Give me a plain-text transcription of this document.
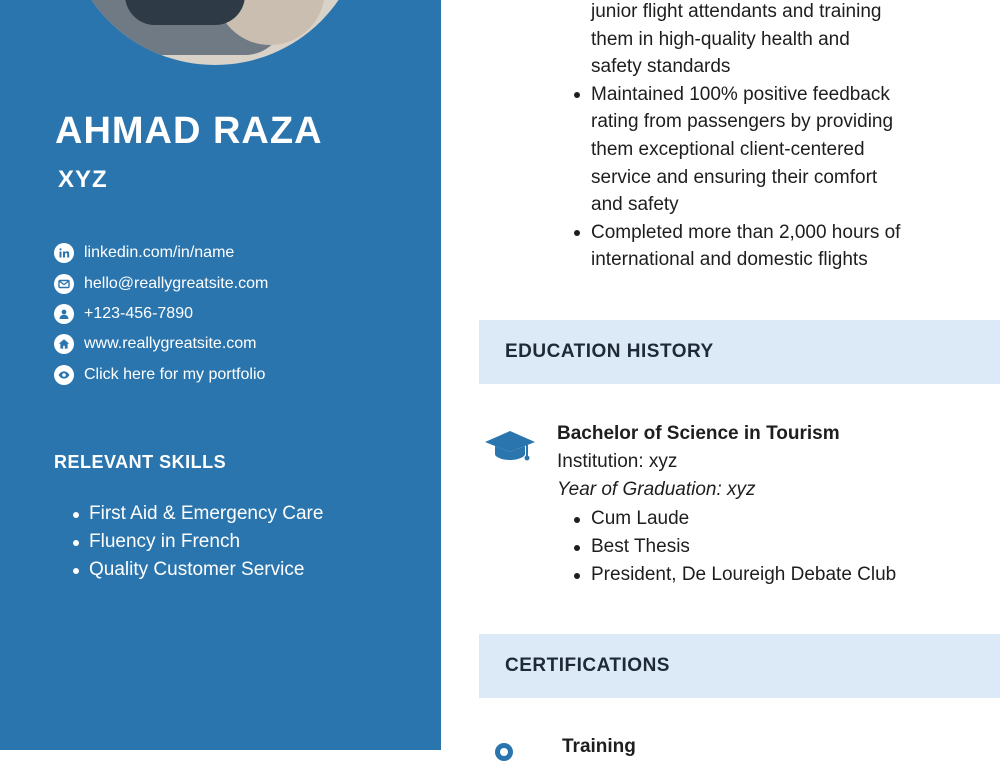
AHMAD RAZA

XYZ

linkedin.com/in/name
hello@reallygreatsite.com
+123-456-7890
www.reallygreatsite.com
Click here for my portfolio
RELEVANT SKILLS
First Aid & Emergency Care
Fluency in French
Quality Customer Service
junior flight attendants and training
them in high-quality health and
safety standards
Maintained 100% positive feedback
rating from passengers by providing
them exceptional client-centered
service and ensuring their comfort
and safety
Completed more than 2,000 hours of
international and domestic flights
EDUCATION HISTORY

Bachelor of Science in Tourism

Institution: xyz

Year of Graduation: xyz

Cum Laude
Best Thesis
President, De Loureigh Debate Club
CERTIFICATIONS

Training
